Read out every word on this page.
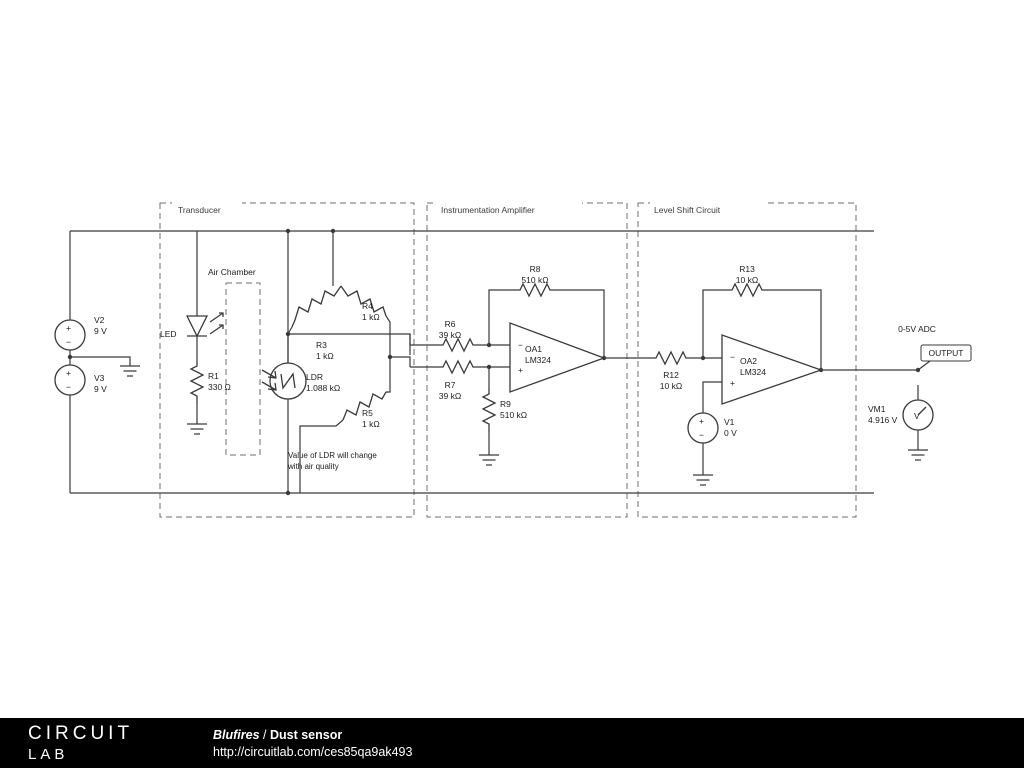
Transducer	Instrumentation Amplifier	Level Shift Circuit
Air Chamber
+
−
V2
9 V
+
−
V3
9 V
LED
R1
330 Ω
LDR
1.088 kΩ
Value of LDR will change
with air quality
R3
1 kΩ
R4
1 kΩ
R5
1 kΩ
R6
39 kΩ
R8
510 kΩ
R7
39 kΩ
R9
510 kΩ
−
+
OA1
LM324
R12
10 kΩ
R13
10 kΩ
−
+
OA2
LM324
+
−
V1
0 V
OUTPUT
0-5V ADC
V
VM1
4.916 V
CIRCUIT
LAB
Blufires / Dust sensor
http://circuitlab.com/ces85qa9ak493
